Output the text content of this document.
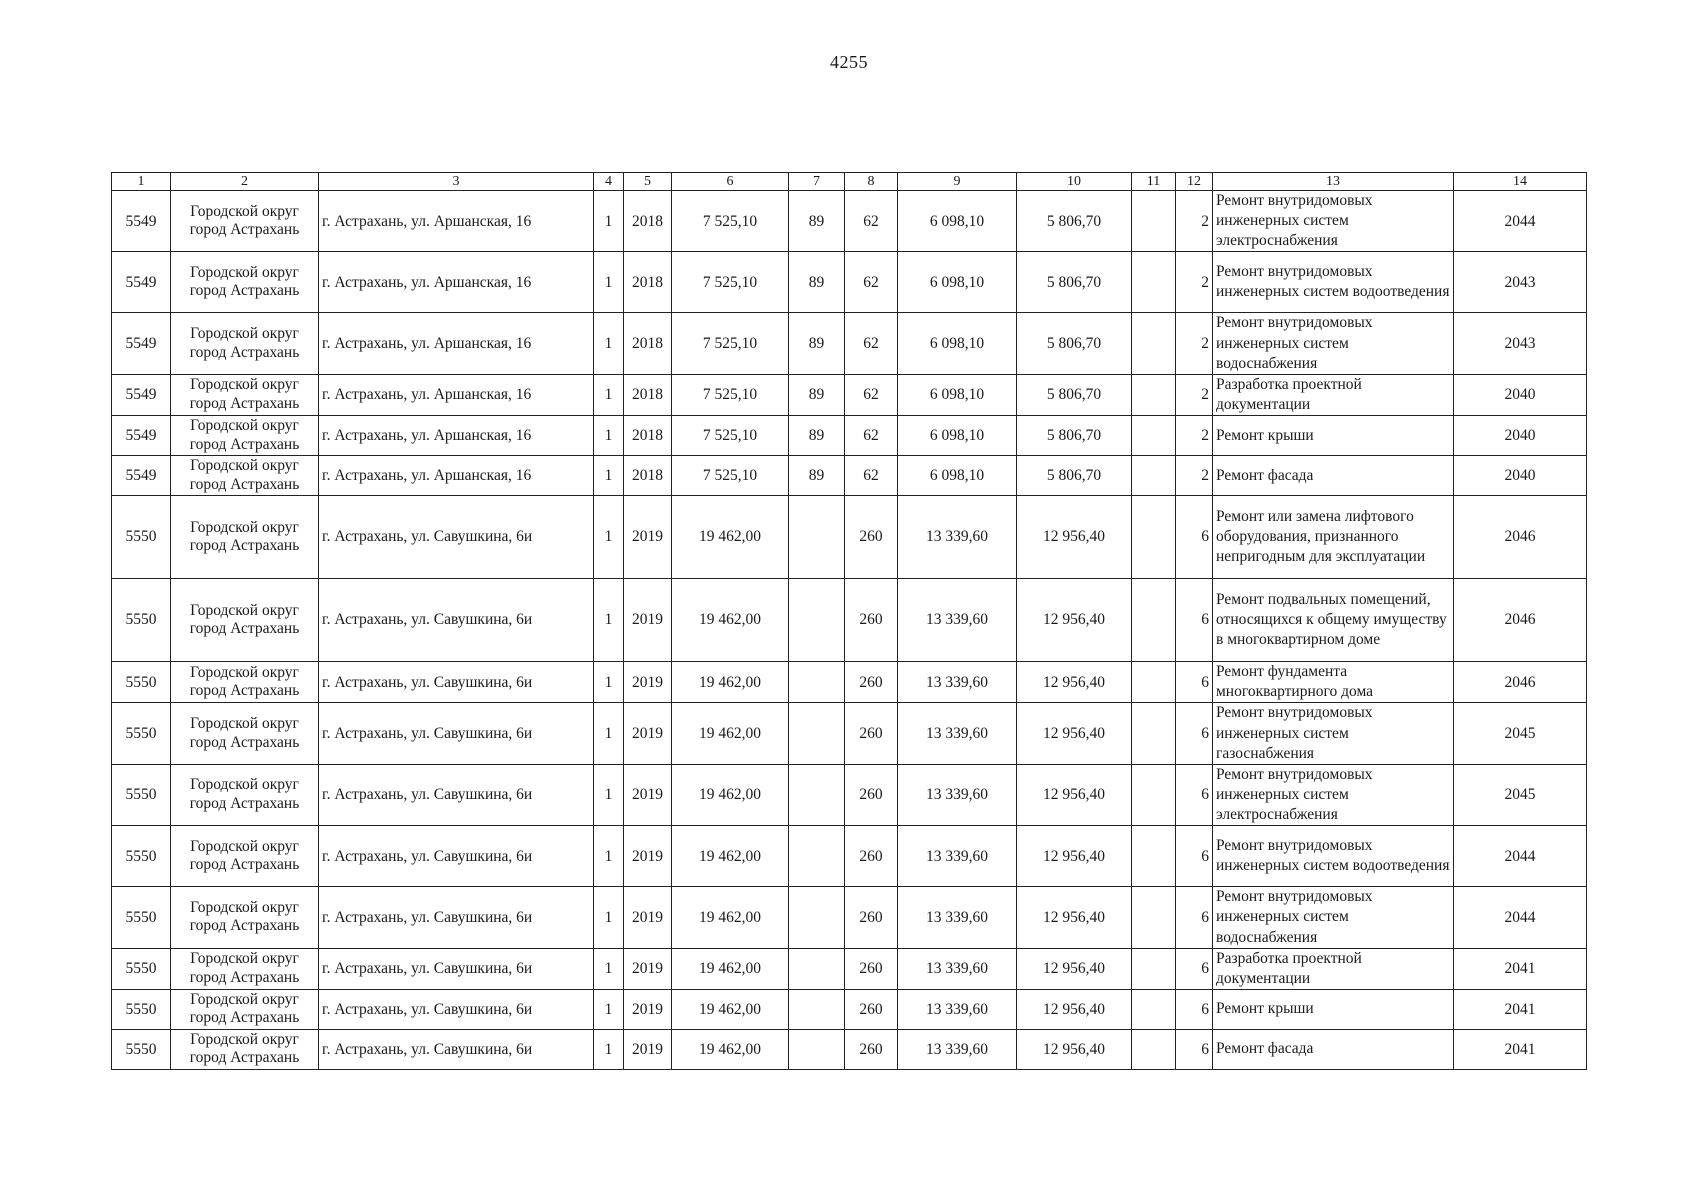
4255
1	2	3	4	5	6	7	8	9	10	11	12	13	14
5549	Городской округ город Астрахань	г. Астрахань, ул. Аршанская, 16	1	2018	7 525,10	89	62	6 098,10	5 806,70		2	Ремонт внутридомовых инженерных систем электроснабжения	2044
5549	Городской округ город Астрахань	г. Астрахань, ул. Аршанская, 16	1	2018	7 525,10	89	62	6 098,10	5 806,70		2	Ремонт внутридомовых инженерных систем водоотведения	2043
5549	Городской округ город Астрахань	г. Астрахань, ул. Аршанская, 16	1	2018	7 525,10	89	62	6 098,10	5 806,70		2	Ремонт внутридомовых инженерных систем водоснабжения	2043
5549	Городской округ город Астрахань	г. Астрахань, ул. Аршанская, 16	1	2018	7 525,10	89	62	6 098,10	5 806,70		2	Разработка проектной документации	2040
5549	Городской округ город Астрахань	г. Астрахань, ул. Аршанская, 16	1	2018	7 525,10	89	62	6 098,10	5 806,70		2	Ремонт крыши	2040
5549	Городской округ город Астрахань	г. Астрахань, ул. Аршанская, 16	1	2018	7 525,10	89	62	6 098,10	5 806,70		2	Ремонт фасада	2040
5550	Городской округ город Астрахань	г. Астрахань, ул. Савушкина, 6и	1	2019	19 462,00		260	13 339,60	12 956,40		6	Ремонт или замена лифтового оборудования, признанного непригодным для эксплуатации	2046
5550	Городской округ город Астрахань	г. Астрахань, ул. Савушкина, 6и	1	2019	19 462,00		260	13 339,60	12 956,40		6	Ремонт подвальных помещений, относящихся к общему имуществу в многоквартирном доме	2046
5550	Городской округ город Астрахань	г. Астрахань, ул. Савушкина, 6и	1	2019	19 462,00		260	13 339,60	12 956,40		6	Ремонт фундамента многоквартирного дома	2046
5550	Городской округ город Астрахань	г. Астрахань, ул. Савушкина, 6и	1	2019	19 462,00		260	13 339,60	12 956,40		6	Ремонт внутридомовых инженерных систем газоснабжения	2045
5550	Городской округ город Астрахань	г. Астрахань, ул. Савушкина, 6и	1	2019	19 462,00		260	13 339,60	12 956,40		6	Ремонт внутридомовых инженерных систем электроснабжения	2045
5550	Городской округ город Астрахань	г. Астрахань, ул. Савушкина, 6и	1	2019	19 462,00		260	13 339,60	12 956,40		6	Ремонт внутридомовых инженерных систем водоотведения	2044
5550	Городской округ город Астрахань	г. Астрахань, ул. Савушкина, 6и	1	2019	19 462,00		260	13 339,60	12 956,40		6	Ремонт внутридомовых инженерных систем водоснабжения	2044
5550	Городской округ город Астрахань	г. Астрахань, ул. Савушкина, 6и	1	2019	19 462,00		260	13 339,60	12 956,40		6	Разработка проектной документации	2041
5550	Городской округ город Астрахань	г. Астрахань, ул. Савушкина, 6и	1	2019	19 462,00		260	13 339,60	12 956,40		6	Ремонт крыши	2041
5550	Городской округ город Астрахань	г. Астрахань, ул. Савушкина, 6и	1	2019	19 462,00		260	13 339,60	12 956,40		6	Ремонт фасада	2041
